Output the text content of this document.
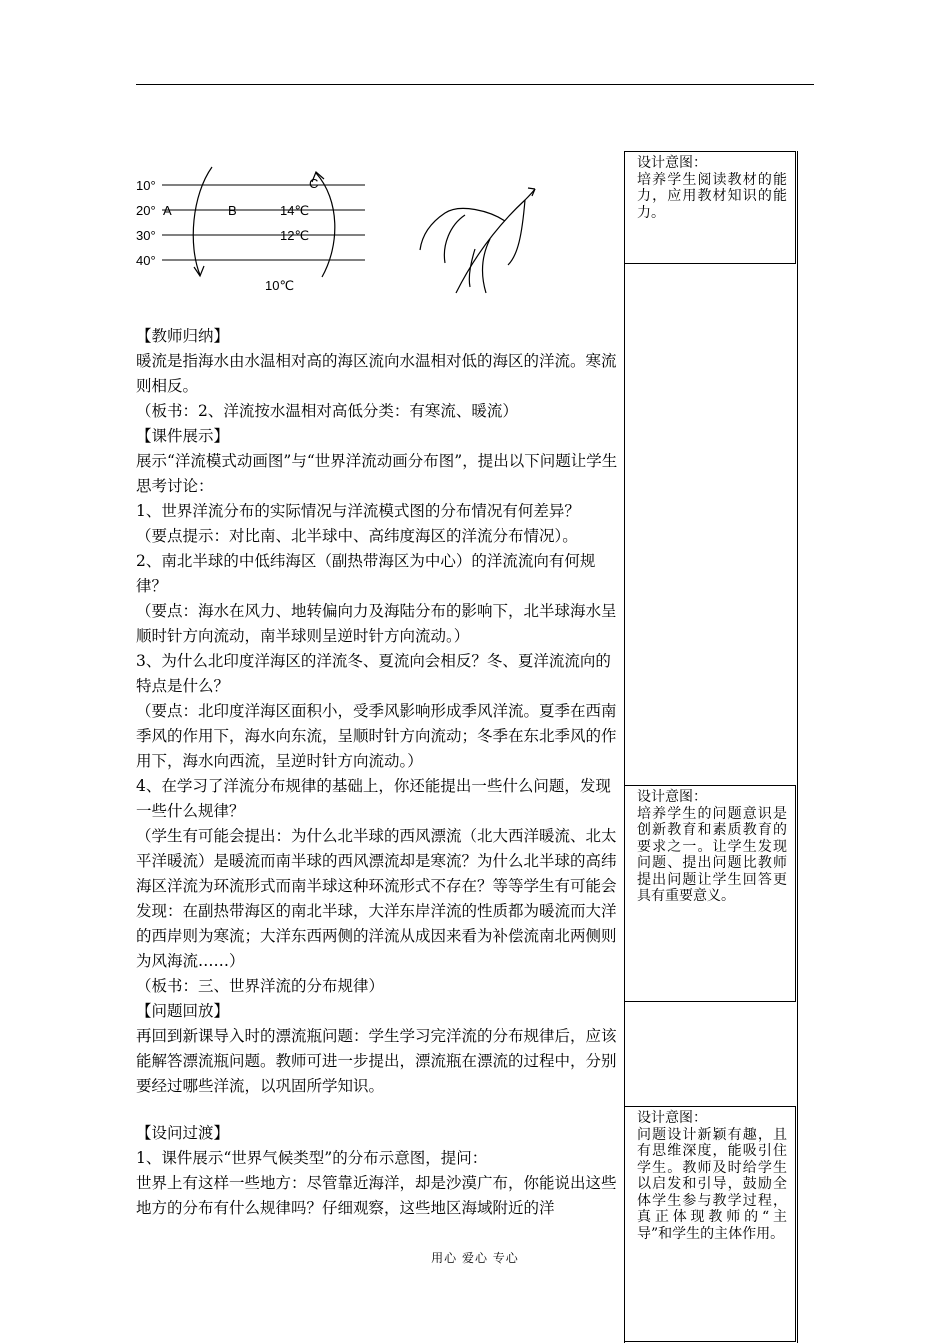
10°
20°
30°
40°
A	B
C
14℃
12℃
10℃

【教师归纳】

暖流是指海水由水温相对高的海区流向水温相对低的海区的洋流。寒流则相反。

（板书：2、洋流按水温相对高低分类：有寒流、暖流）

【课件展示】

展示“洋流模式动画图”与“世界洋流动画分布图”，提出以下问题让学生思考讨论：

1、世界洋流分布的实际情况与洋流模式图的分布情况有何差异？

（要点提示：对比南、北半球中、高纬度海区的洋流分布情况）。

2、南北半球的中低纬海区（副热带海区为中心）的洋流流向有何规律？

（要点：海水在风力、地转偏向力及海陆分布的影响下，北半球海水呈顺时针方向流动，南半球则呈逆时针方向流动。）

3、为什么北印度洋海区的洋流冬、夏流向会相反？冬、夏洋流流向的特点是什么？

（要点：北印度洋海区面积小，受季风影响形成季风洋流。夏季在西南季风的作用下，海水向东流，呈顺时针方向流动；冬季在东北季风的作用下，海水向西流，呈逆时针方向流动。）

4、在学习了洋流分布规律的基础上，你还能提出一些什么问题，发现一些什么规律？

（学生有可能会提出：为什么北半球的西风漂流（北大西洋暖流、北太平洋暖流）是暖流而南半球的西风漂流却是寒流？为什么北半球的高纬海区洋流为环流形式而南半球这种环流形式不存在？等等学生有可能会发现：在副热带海区的南北半球，大洋东岸洋流的性质都为暖流而大洋的西岸则为寒流；大洋东西两侧的洋流从成因来看为补偿流南北两侧则为风海流……）

（板书：三、世界洋流的分布规律）

【问题回放】

再回到新课导入时的漂流瓶问题：学生学习完洋流的分布规律后，应该能解答漂流瓶问题。教师可进一步提出，漂流瓶在漂流的过程中，分别要经过哪些洋流，以巩固所学知识。

【设问过渡】

1、课件展示“世界气候类型”的分布示意图，提问：

世界上有这样一些地方：尽管靠近海洋，却是沙漠广布，你能说出这些地方的分布有什么规律吗？仔细观察，这些地区海域附近的洋

设计意图：
培养学生阅读教材的能力，应用教材知识的能力。
设计意图：
培养学生的问题意识是创新教育和素质教育的要求之一。让学生发现问题、提出问题比教师提出问题让学生回答更具有重要意义。
设计意图：
问题设计新颖有趣，且有思维深度，能吸引住学生。教师及时给学生以启发和引导，鼓励全体学生参与教学过程，真正体现教师的“主导”和学生的主体作用。
用心 爱心 专心
